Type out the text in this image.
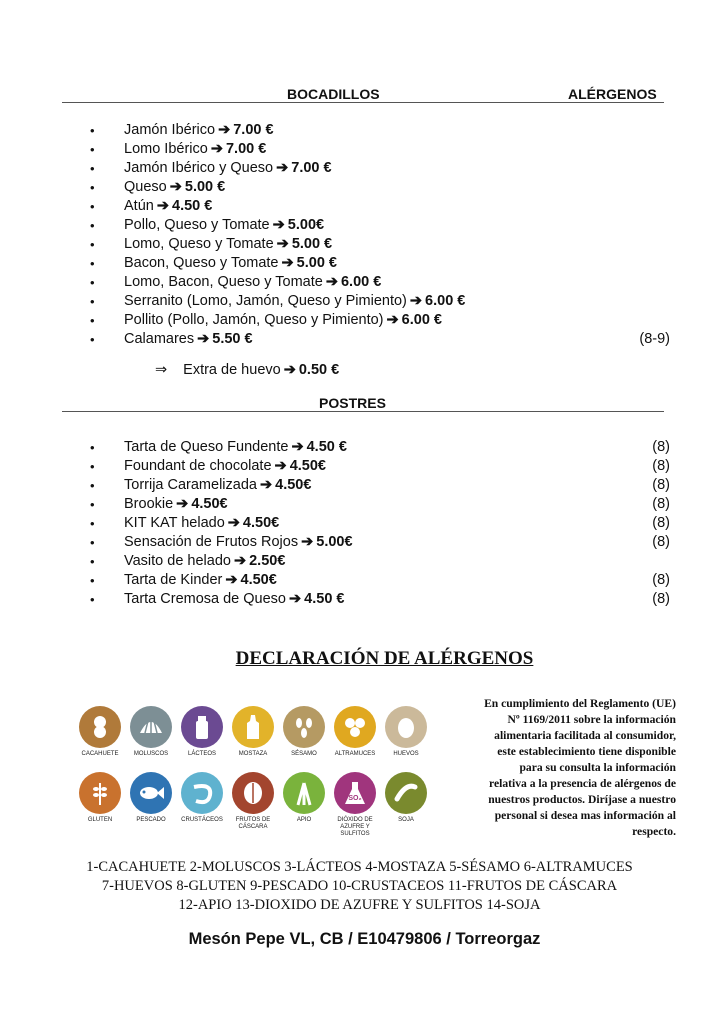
BOCADILLOS	ALÉRGENOS
• Jamón Ibérico ➔ 7.00 €
• Lomo Ibérico ➔ 7.00 €
• Jamón Ibérico y Queso ➔ 7.00 €
• Queso ➔ 5.00 €
• Atún ➔ 4.50 €
• Pollo, Queso y Tomate ➔ 5.00€
• Lomo, Queso y Tomate ➔ 5.00 €
• Bacon, Queso y Tomate ➔ 5.00 €
• Lomo, Bacon, Queso y Tomate ➔ 6.00 €
• Serranito (Lomo, Jamón, Queso y Pimiento) ➔ 6.00 €
• Pollito (Pollo, Jamón, Queso y Pimiento) ➔ 6.00 €
• Calamares ➔ 5.50 €	(8-9)
⇒ Extra de huevo ➔ 0.50 €
POSTRES
• Tarta de Queso Fundente ➔ 4.50 €	(8)
• Foundant de chocolate ➔ 4.50€	(8)
• Torrija Caramelizada ➔ 4.50€	(8)
• Brookie ➔ 4.50€	(8)
• KIT KAT helado ➔ 4.50€	(8)
• Sensación de Frutos Rojos ➔ 5.00€	(8)
• Vasito de helado ➔ 2.50€
• Tarta de Kinder ➔ 4.50€	(8)
• Tarta Cremosa de Queso ➔ 4.50 €	(8)
DECLARACIÓN DE ALÉRGENOS
CACAHUETE	MOLUSCOS	LÁCTEOS	MOSTAZA	SÉSAMO	ALTRAMUCES	HUEVOS
GLUTEN	PESCADO	CRUSTÁCEOS	FRUTOS DE CÁSCARA
APIO
SO₂
DIÓXIDO DE AZUFRE Y SULFITOS
SOJA
En cumplimiento del Reglamento (UE)
Nº 1169/2011 sobre la información
alimentaria facilitada al consumidor,
este establecimiento tiene disponible
para su consulta la información
relativa a la presencia de alérgenos de
nuestros productos. Diríjase a nuestro
personal si desea mas información al
respecto.
1-CACAHUETE 2-MOLUSCOS 3-LÁCTEOS 4-MOSTAZA 5-SÉSAMO 6-ALTRAMUCES
7-HUEVOS 8-GLUTEN 9-PESCADO 10-CRUSTACEOS 11-FRUTOS DE CÁSCARA
12-APIO 13-DIOXIDO DE AZUFRE Y SULFITOS 14-SOJA
Mesón Pepe VL, CB / E10479806 / Torreorgaz
